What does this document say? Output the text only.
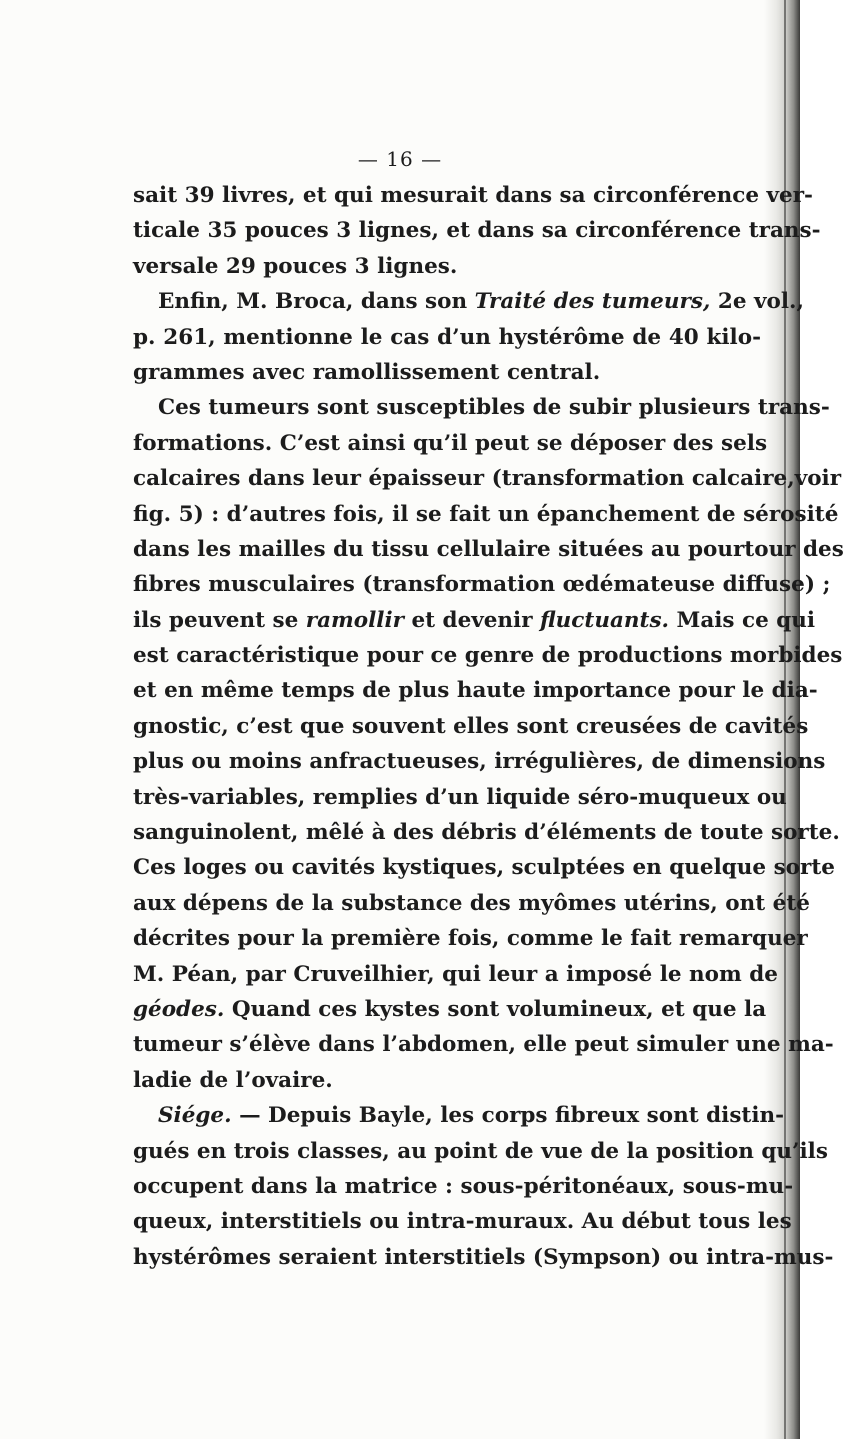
— 16 —
sait 39 livres, et qui mesurait dans sa circonférence ver-
ticale 35 pouces 3 lignes, et dans sa circonférence trans-
versale 29 pouces 3 lignes.
Enfin, M. Broca, dans son Traité des tumeurs, 2e vol.,
p. 261, mentionne le cas d’un hystérôme de 40 kilo-
grammes avec ramollissement central.
Ces tumeurs sont susceptibles de subir plusieurs trans-
formations. C’est ainsi qu’il peut se déposer des sels
calcaires dans leur épaisseur (transformation calcaire,voir
fig. 5) : d’autres fois, il se fait un épanchement de sérosité
dans les mailles du tissu cellulaire situées au pourtour des
fibres musculaires (transformation œdémateuse diffuse) ;
ils peuvent se ramollir et devenir fluctuants. Mais ce qui
est caractéristique pour ce genre de productions morbides
et en même temps de plus haute importance pour le dia-
gnostic, c’est que souvent elles sont creusées de cavités
plus ou moins anfractueuses, irrégulières, de dimensions
très-variables, remplies d’un liquide séro-muqueux ou
sanguinolent, mêlé à des débris d’éléments de toute sorte.
Ces loges ou cavités kystiques, sculptées en quelque sorte
aux dépens de la substance des myômes utérins, ont été
décrites pour la première fois, comme le fait remarquer
M. Péan, par Cruveilhier, qui leur a imposé le nom de
géodes. Quand ces kystes sont volumineux, et que la
tumeur s’élève dans l’abdomen, elle peut simuler une ma-
ladie de l’ovaire.
Siége. — Depuis Bayle, les corps fibreux sont distin-
gués en trois classes, au point de vue de la position qu’ils
occupent dans la matrice : sous-péritonéaux, sous-mu-
queux, interstitiels ou intra-muraux. Au début tous les
hystérômes seraient interstitiels (Sympson) ou intra-mus-
